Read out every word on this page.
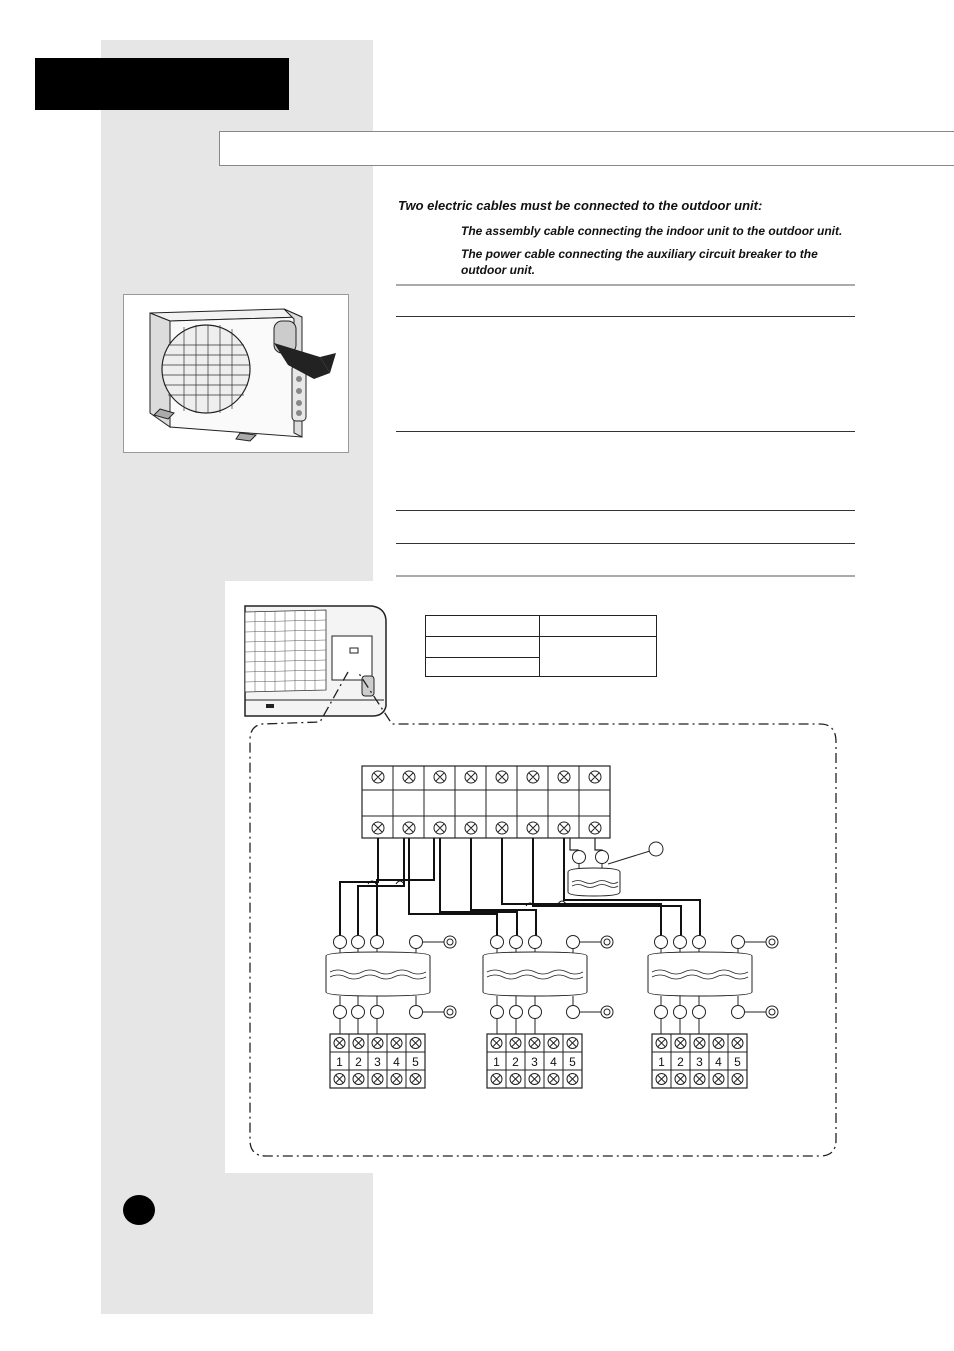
Two electric cables must be connected to the outdoor unit:
The assembly cable connecting the indoor unit to the outdoor unit.
The power cable connecting the auxiliary circuit breaker to the outdoor unit.

1 2 3 4 5	1 2 3 4 5	1 2 3 4 5
